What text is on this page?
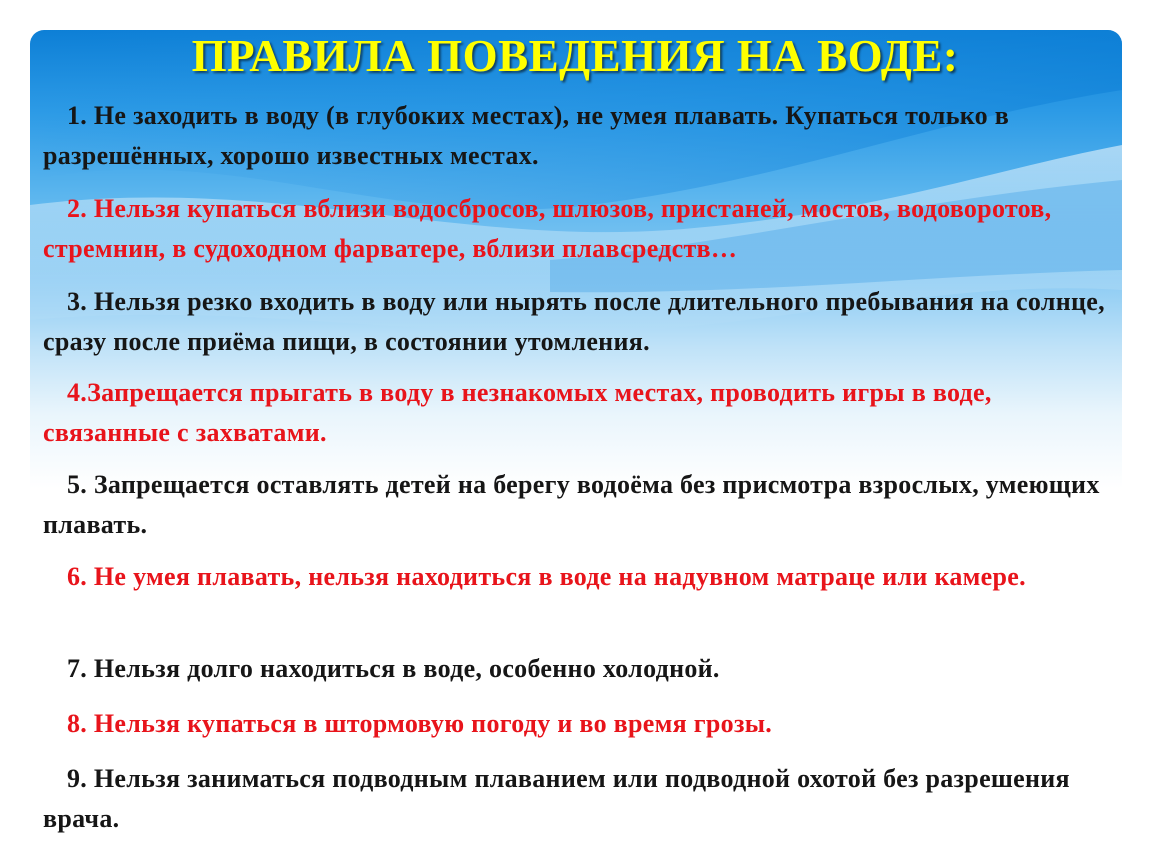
ПРАВИЛА ПОВЕДЕНИЯ НА ВОДЕ:

1. Не заходить в воду (в глубоких местах), не умея плавать. Купаться только в разрешённых, хорошо известных местах.

2. Нельзя купаться вблизи водосбросов, шлюзов, пристаней, мостов, водоворотов, стремнин, в судоходном фарватере, вблизи плавсредств…

3. Нельзя резко входить в воду или нырять после длительного пребывания на солнце, сразу после приёма пищи, в состоянии утомления.

4.Запрещается прыгать в воду в незнакомых местах, проводить игры в воде, связанные с захватами.

5. Запрещается оставлять детей на берегу водоёма без присмотра взрослых, умеющих плавать.

6. Не умея плавать, нельзя находиться в воде на надувном матраце или камере.

7. Нельзя долго находиться в воде, особенно холодной.

8. Нельзя купаться в штормовую погоду и во время грозы.

9. Нельзя заниматься подводным плаванием или подводной охотой без разрешения врача.
